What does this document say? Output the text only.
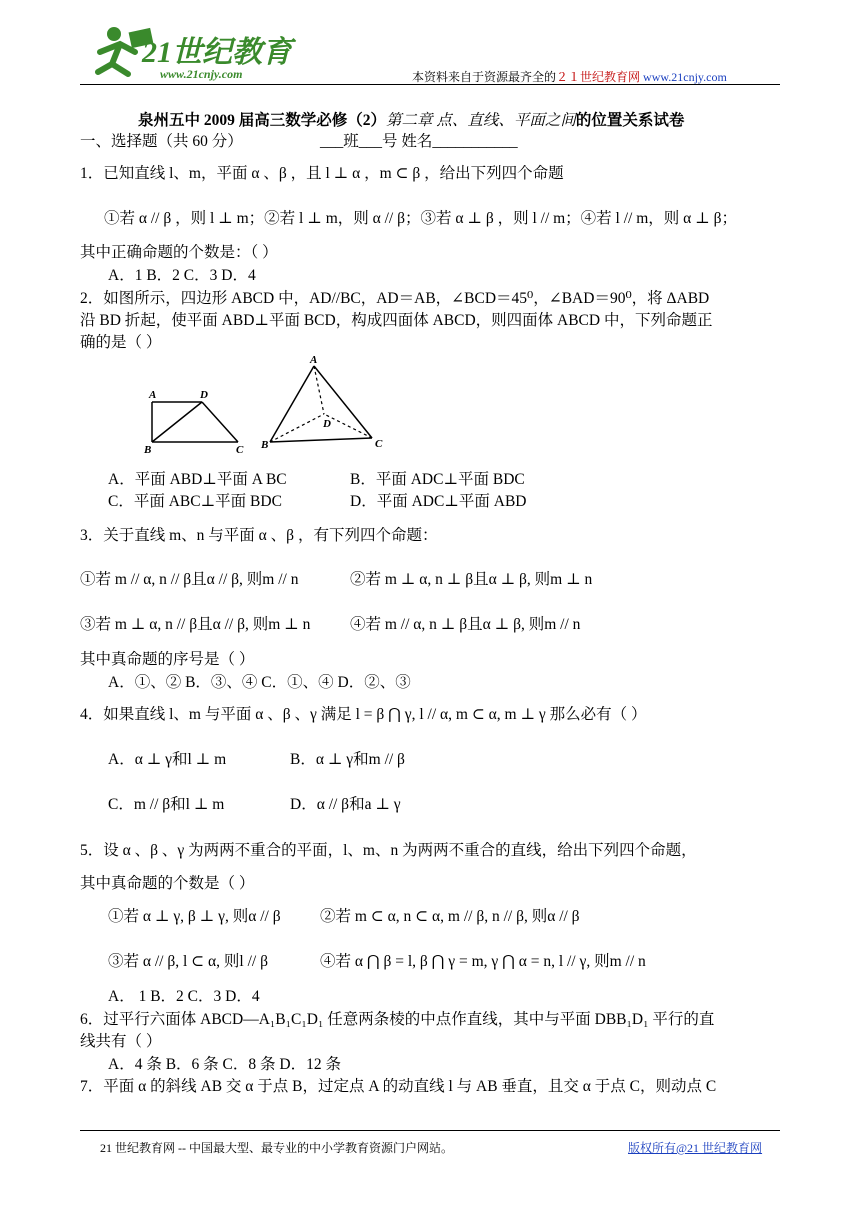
21世纪教育
www.21cnjy.com	本资料来自于资源最齐全的２１世纪教育网 www.21cnjy.com
泉州五中 2009 届高三数学必修（2）第二章 点、直线、平面之间的位置关系试卷
一、选择题（共 60 分）	___班___号 姓名___________
1．已知直线 l、m，平面 α 、β ，且 l ⊥ α ，m ⊂ β ，给出下列四个命题
①若 α // β ，则 l ⊥ m；②若 l ⊥ m，则 α // β；③若 α ⊥ β ，则 l // m；④若 l // m，则 α ⊥ β；
其中正确命题的个数是：（ ）
A．1 B．2 C．3 D．4
2．如图所示，四边形 ABCD 中，AD//BC，AD＝AB，∠BCD＝45⁰，∠BAD＝90⁰，将 ΔABD
沿 BD 折起，使平面 ABD⊥平面 BCD，构成四面体 ABCD，则四面体 ABCD 中，下列命题正
确的是（ ）
A	D
B	C
A
D
B	C
A．平面 ABD⊥平面 A BC	B．平面 ADC⊥平面 BDC
C．平面 ABC⊥平面 BDC	D．平面 ADC⊥平面 ABD
3．关于直线 m、n 与平面 α 、β ，有下列四个命题：
①若 m // α, n // β且α // β, 则m // n	②若 m ⊥ α, n ⊥ β且α ⊥ β, 则m ⊥ n
③若 m ⊥ α, n // β且α // β, 则m ⊥ n	④若 m // α, n ⊥ β且α ⊥ β, 则m // n
其中真命题的序号是（ ）
A．①、② B．③、④ C．①、④ D．②、③
4．如果直线 l、m 与平面 α 、β 、γ 满足 l = β ⋂ γ, l // α, m ⊂ α, m ⊥ γ 那么必有（ ）
A．α ⊥ γ和l ⊥ m	B．α ⊥ γ和m // β
C．m // β和l ⊥ m	D．α // β和a ⊥ γ
5．设 α 、β 、γ 为两两不重合的平面，l、m、n 为两两不重合的直线，给出下列四个命题，
其中真命题的个数是（ ）
①若 α ⊥ γ, β ⊥ γ, 则α // β	②若 m ⊂ α, n ⊂ α, m // β, n // β, 则α // β
③若 α // β, l ⊂ α, 则l // β	④若 α ⋂ β = l, β ⋂ γ = m, γ ⋂ α = n, l // γ, 则m // n
A． 1 B．2 C．3 D．4
6．过平行六面体 ABCD—A₁B₁C₁D₁ 任意两条棱的中点作直线，其中与平面 DBB₁D₁ 平行的直
线共有（ ）
A．4 条 B．6 条 C．8 条 D．12 条
7．平面 α 的斜线 AB 交 α 于点 B，过定点 A 的动直线 l 与 AB 垂直，且交 α 于点 C，则动点 C
21 世纪教育网 -- 中国最大型、最专业的中小学教育资源门户网站。	版权所有@21 世纪教育网
